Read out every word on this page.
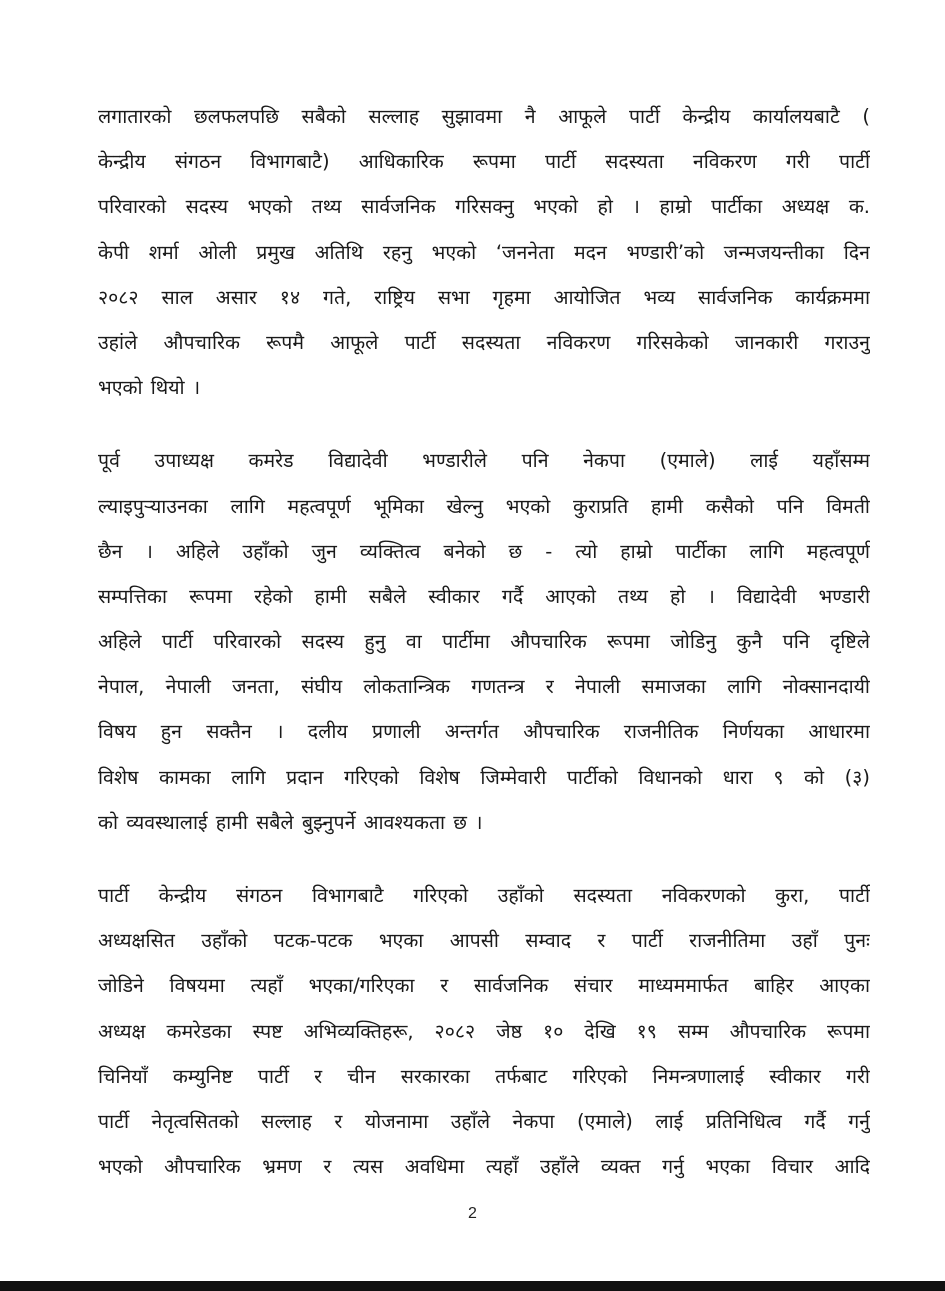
लगातारको छलफलपछि सबैको सल्लाह सुझावमा नै आफूले पार्टी केन्द्रीय कार्यालयबाटै (
केन्द्रीय संगठन विभागबाटै) आधिकारिक रूपमा पार्टी सदस्यता नविकरण गरी पार्टी
परिवारको सदस्य भएको तथ्य सार्वजनिक गरिसक्नु भएको हो । हाम्रो पार्टीका अध्यक्ष क.
केपी शर्मा ओली प्रमुख अतिथि रहनु भएको ‘जननेता मदन भण्डारी’को जन्मजयन्तीका दिन
२०८२ साल असार १४ गते, राष्ट्रिय सभा गृहमा आयोजित भव्य सार्वजनिक कार्यक्रममा
उहांले औपचारिक रूपमै आफूले पार्टी सदस्यता नविकरण गरिसकेको जानकारी गराउनु
भएको थियो ।

पूर्व उपाध्यक्ष कमरेड विद्यादेवी भण्डारीले पनि नेकपा (एमाले) लाई यहाँसम्म
ल्याइपुर्‍याउनका लागि महत्वपूर्ण भूमिका खेल्नु भएको कुराप्रति हामी कसैको पनि विमती
छैन । अहिले उहाँको जुन व्यक्तित्व बनेको छ - त्यो हाम्रो पार्टीका लागि महत्वपूर्ण
सम्पत्तिका रूपमा रहेको हामी सबैले स्वीकार गर्दै आएको तथ्य हो । विद्यादेवी भण्डारी
अहिले पार्टी परिवारको सदस्य हुनु वा पार्टीमा औपचारिक रूपमा जोडिनु कुनै पनि दृष्टिले
नेपाल, नेपाली जनता, संघीय लोकतान्त्रिक गणतन्त्र र नेपाली समाजका लागि नोक्सानदायी
विषय हुन सक्तैन । दलीय प्रणाली अन्तर्गत औपचारिक राजनीतिक निर्णयका आधारमा
विशेष कामका लागि प्रदान गरिएको विशेष जिम्मेवारी पार्टीको विधानको धारा ९ को (३)
को व्यवस्थालाई हामी सबैले बुझ्नुपर्ने आवश्यकता छ ।

पार्टी केन्द्रीय संगठन विभागबाटै गरिएको उहाँको सदस्यता नविकरणको कुरा, पार्टी
अध्यक्षसित उहाँको पटक-पटक भएका आपसी सम्वाद र पार्टी राजनीतिमा उहाँ पुनः
जोडिने विषयमा त्यहाँ भएका/गरिएका र सार्वजनिक संचार माध्यममार्फत बाहिर आएका
अध्यक्ष कमरेडका स्पष्ट अभिव्यक्तिहरू, २०८२ जेष्ठ १० देखि १९ सम्म औपचारिक रूपमा
चिनियाँ कम्युनिष्ट पार्टी र चीन सरकारका तर्फबाट गरिएको निमन्त्रणालाई स्वीकार गरी
पार्टी नेतृत्वसितको सल्लाह र योजनामा उहाँले नेकपा (एमाले) लाई प्रतिनिधित्व गर्दै गर्नु
भएको औपचारिक भ्रमण र त्यस अवधिमा त्यहाँ उहाँले व्यक्त गर्नु भएका विचार आदि

2
